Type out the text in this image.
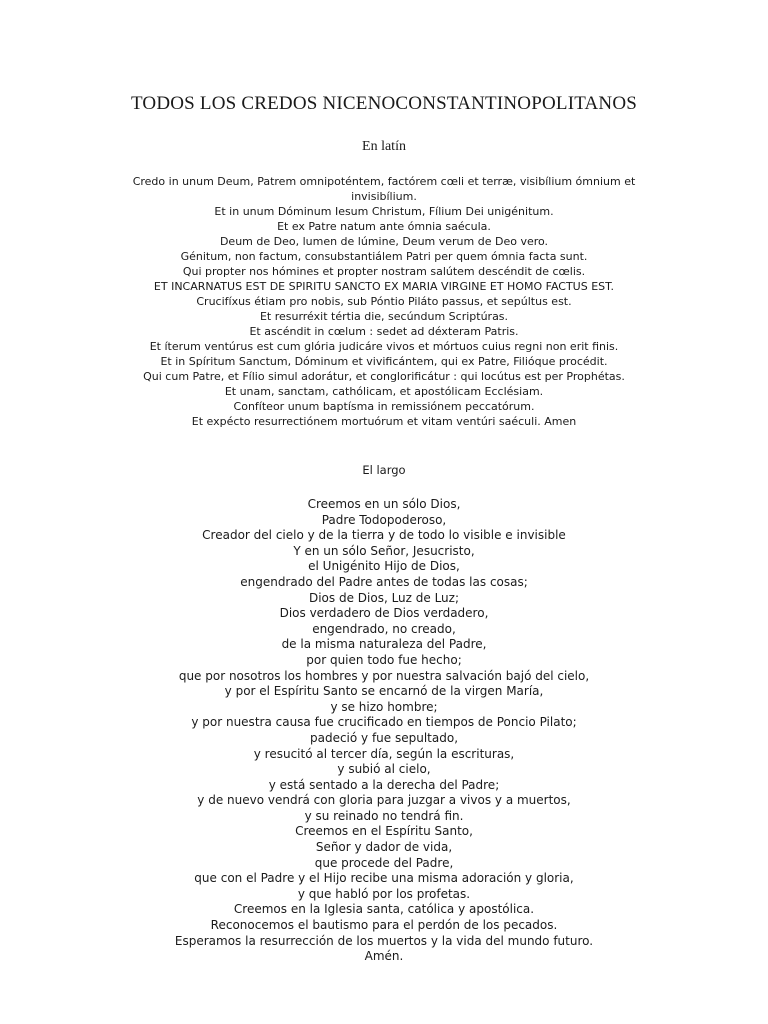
TODOS LOS CREDOS NICENOCONSTANTINOPOLITANOS
En latín
Credo in unum Deum, Patrem omnipoténtem, factórem cœli et terræ, visibílium ómnium et invisibílium.
Et in unum Dóminum Iesum Christum, Fílium Dei unigénitum.
Et ex Patre natum ante ómnia saécula.
Deum de Deo, lumen de lúmine, Deum verum de Deo vero.
Génitum, non factum, consubstantiálem Patri per quem ómnia facta sunt.
Qui propter nos hómines et propter nostram salútem descéndit de cœlis.
ET INCARNATUS EST DE SPIRITU SANCTO EX MARIA VIRGINE ET HOMO FACTUS EST.
Crucifíxus étiam pro nobis, sub Póntio Piláto passus, et sepúltus est.
Et resurréxit tértia die, secúndum Scriptúras.
Et ascéndit in cœlum : sedet ad déxteram Patris.
Et íterum ventúrus est cum glória judicáre vivos et mórtuos cuius regni non erit finis.
Et in Spíritum Sanctum, Dóminum et vivificántem, qui ex Patre, Filióque procédit.
Qui cum Patre, et Fílio simul adorátur, et conglorificátur : qui locútus est per Prophétas.
Et unam, sanctam, cathólicam, et apostólicam Ecclésiam.
Confíteor unum baptísma in remissiónem peccatórum.
Et expécto resurrectiónem mortuórum et vitam ventúri saéculi. Amen
El largo
Creemos en un sólo Dios,
Padre Todopoderoso,
Creador del cielo y de la tierra y de todo lo visible e invisible
Y en un sólo Señor, Jesucristo,
el Unigénito Hijo de Dios,
engendrado del Padre antes de todas las cosas;
Dios de Dios, Luz de Luz;
Dios verdadero de Dios verdadero,
engendrado, no creado,
de la misma naturaleza del Padre,
por quien todo fue hecho;
que por nosotros los hombres y por nuestra salvación bajó del cielo,
y por el Espíritu Santo se encarnó de la virgen María,
y se hizo hombre;
y por nuestra causa fue crucificado en tiempos de Poncio Pilato;
padeció y fue sepultado,
y resucitó al tercer día, según la escrituras,
y subió al cielo,
y está sentado a la derecha del Padre;
y de nuevo vendrá con gloria para juzgar a vivos y a muertos,
y su reinado no tendrá fin.
Creemos en el Espíritu Santo,
Señor y dador de vida,
que procede del Padre,
que con el Padre y el Hijo recibe una misma adoración y gloria,
y que habló por los profetas.
Creemos en la Iglesia santa, católica y apostólica.
Reconocemos el bautismo para el perdón de los pecados.
Esperamos la resurrección de los muertos y la vida del mundo futuro.
Amén.
